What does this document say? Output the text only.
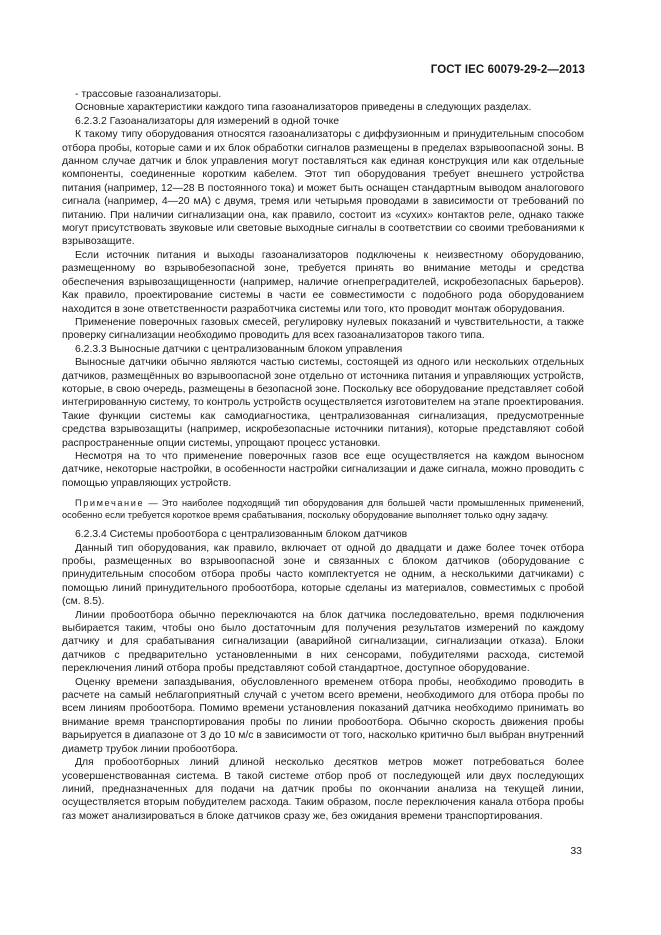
ГОСТ IEC 60079-29-2—2013

- трассовые газоанализаторы.

Основные характеристики каждого типа газоанализаторов приведены в следующих разделах.

6.2.3.2 Газоанализаторы для измерений в одной точке

К такому типу оборудования относятся газоанализаторы с диффузионным и принудительным способом отбора пробы, которые сами и их блок обработки сигналов размещены в пределах взрывоопасной зоны. В данном случае датчик и блок управления могут поставляться как единая конструкция или как отдельные компоненты, соединенные коротким кабелем. Этот тип оборудования требует внешнего устройства питания (например, 12—28 В постоянного тока) и может быть оснащен стандартным выводом аналогового сигнала (например, 4—20 мА) с двумя, тремя или четырьмя проводами в зависимости от требований по питанию. При наличии сигнализации она, как правило, состоит из «сухих» контактов реле, однако также могут присутствовать звуковые или световые выходные сигналы в соответствии со своими требованиями к взрывозащите.

Если источник питания и выходы газоанализаторов подключены к неизвестному оборудованию, размещенному во взрывобезопасной зоне, требуется принять во внимание методы и средства обеспечения взрывозащищенности (например, наличие огнепреградителей, искробезопасных барьеров). Как правило, проектирование системы в части ее совместимости с подобного рода оборудованием находится в зоне ответственности разработчика системы или того, кто проводит монтаж оборудования.

Применение поверочных газовых смесей, регулировку нулевых показаний и чувствительности, а также проверку сигнализации необходимо проводить для всех газоанализаторов такого типа.

6.2.3.3 Выносные датчики с централизованным блоком управления

Выносные датчики обычно являются частью системы, состоящей из одного или нескольких отдельных датчиков, размещённых во взрывоопасной зоне отдельно от источника питания и управляющих устройств, которые, в свою очередь, размещены в безопасной зоне. Поскольку все оборудование представляет собой интегрированную систему, то контроль устройств осуществляется изготовителем на этапе проектирования. Такие функции системы как самодиагностика, централизованная сигнализация, предусмотренные средства взрывозащиты (например, искробезопасные источники питания), которые представляют собой распространенные опции системы, упрощают процесс установки.

Несмотря на то что применение поверочных газов все еще осуществляется на каждом выносном датчике, некоторые настройки, в особенности настройки сигнализации и даже сигнала, можно проводить с помощью управляющих устройств.

Примечание — Это наиболее подходящий тип оборудования для большей части промышленных применений, особенно если требуется короткое время срабатывания, поскольку оборудование выполняет только одну задачу.

6.2.3.4 Системы пробоотбора с централизованным блоком датчиков

Данный тип оборудования, как правило, включает от одной до двадцати и даже более точек отбора пробы, размещенных во взрывоопасной зоне и связанных с блоком датчиков (оборудование с принудительным способом отбора пробы часто комплектуется не одним, а несколькими датчиками) с помощью линий принудительного пробоотбора, которые сделаны из материалов, совместимых с пробой (см. 8.5).

Линии пробоотбора обычно переключаются на блок датчика последовательно, время подключения выбирается таким, чтобы оно было достаточным для получения результатов измерений по каждому датчику и для срабатывания сигнализации (аварийной сигнализации, сигнализации отказа). Блоки датчиков с предварительно установленными в них сенсорами, побудителями расхода, системой переключения линий отбора пробы представляют собой стандартное, доступное оборудование.

Оценку времени запаздывания, обусловленного временем отбора пробы, необходимо проводить в расчете на самый неблагоприятный случай с учетом всего времени, необходимого для отбора пробы по всем линиям пробоотбора. Помимо времени установления показаний датчика необходимо принимать во внимание время транспортирования пробы по линии пробоотбора. Обычно скорость движения пробы варьируется в диапазоне от 3 до 10 м/с в зависимости от того, насколько критично был выбран внутренний диаметр трубок линии пробоотбора.

Для пробоотборных линий длиной несколько десятков метров может потребоваться более усовершенствованная система. В такой системе отбор проб от последующей или двух последующих линий, предназначенных для подачи на датчик пробы по окончании анализа на текущей линии, осуществляется вторым побудителем расхода. Таким образом, после переключения канала отбора пробы газ может анализироваться в блоке датчиков сразу же, без ожидания времени транспортирования.

33
